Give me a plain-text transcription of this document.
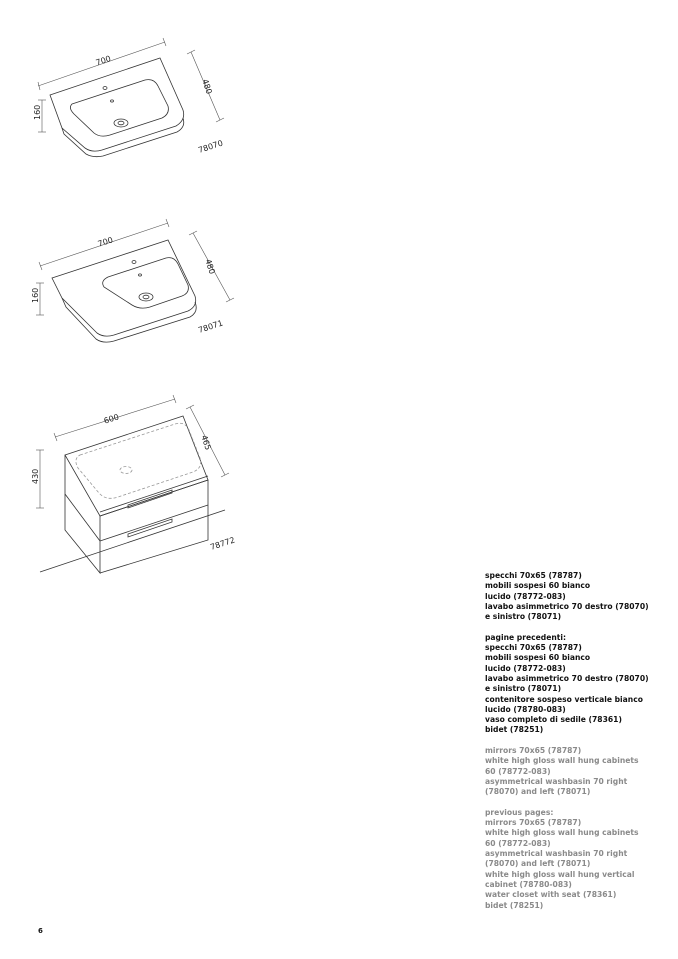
700
480
160
78070
700
480
160
78071
600
465
430
78772
specchi 70x65 (78787)
mobili sospesi 60 bianco
lucido (78772-083)
lavabo asimmetrico 70 destro (78070)
e sinistro (78071)
pagine precedenti:
specchi 70x65 (78787)
mobili sospesi 60 bianco
lucido (78772-083)
lavabo asimmetrico 70 destro (78070)
e sinistro (78071)
contenitore sospeso verticale bianco
lucido (78780-083)
vaso completo di sedile (78361)
bidet (78251)
mirrors 70x65 (78787)
white high gloss wall hung cabinets
60 (78772-083)
asymmetrical washbasin 70 right
(78070) and left (78071)
previous pages:
mirrors 70x65 (78787)
white high gloss wall hung cabinets
60 (78772-083)
asymmetrical washbasin 70 right
(78070) and left (78071)
white high gloss wall hung vertical
cabinet (78780-083)
water closet with seat (78361)
bidet (78251)
6
